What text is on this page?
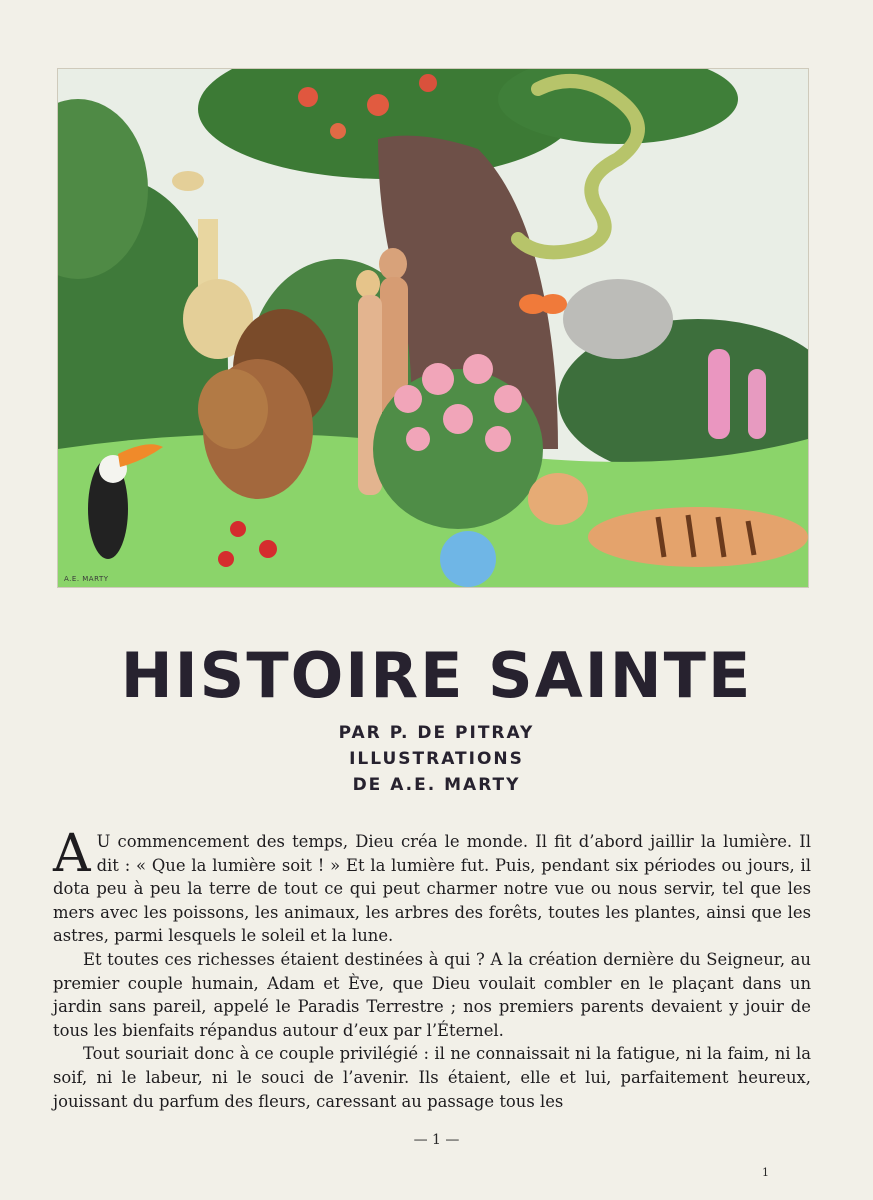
A.E. MARTY
HISTOIRE SAINTE
PAR P. DE PITRAY
ILLUSTRATIONS
DE A.E. MARTY

A U commencement des temps, Dieu créa le monde. Il fit d’abord jaillir la lumière. Il dit : « Que la lumière soit ! » Et la lumière fut. Puis, pendant six périodes ou jours, il dota peu à peu la terre de tout ce qui peut charmer notre vue ou nous servir, tel que les mers avec les poissons, les animaux, les arbres des forêts, toutes les plantes, ainsi que les astres, parmi lesquels le soleil et la lune.

Et toutes ces richesses étaient destinées à qui ? A la création dernière du Seigneur, au premier couple humain, Adam et Ève, que Dieu voulait combler en le plaçant dans un jardin sans pareil, appelé le Paradis Terrestre ; nos premiers parents devaient y jouir de tous les bienfaits répandus autour d’eux par l’Éternel.

Tout souriait donc à ce couple privilégié : il ne connaissait ni la fatigue, ni la faim, ni la soif, ni le labeur, ni le souci de l’avenir. Ils étaient, elle et lui, parfaitement heureux, jouissant du parfum des fleurs, caressant au passage tous les

— 1 —
1
